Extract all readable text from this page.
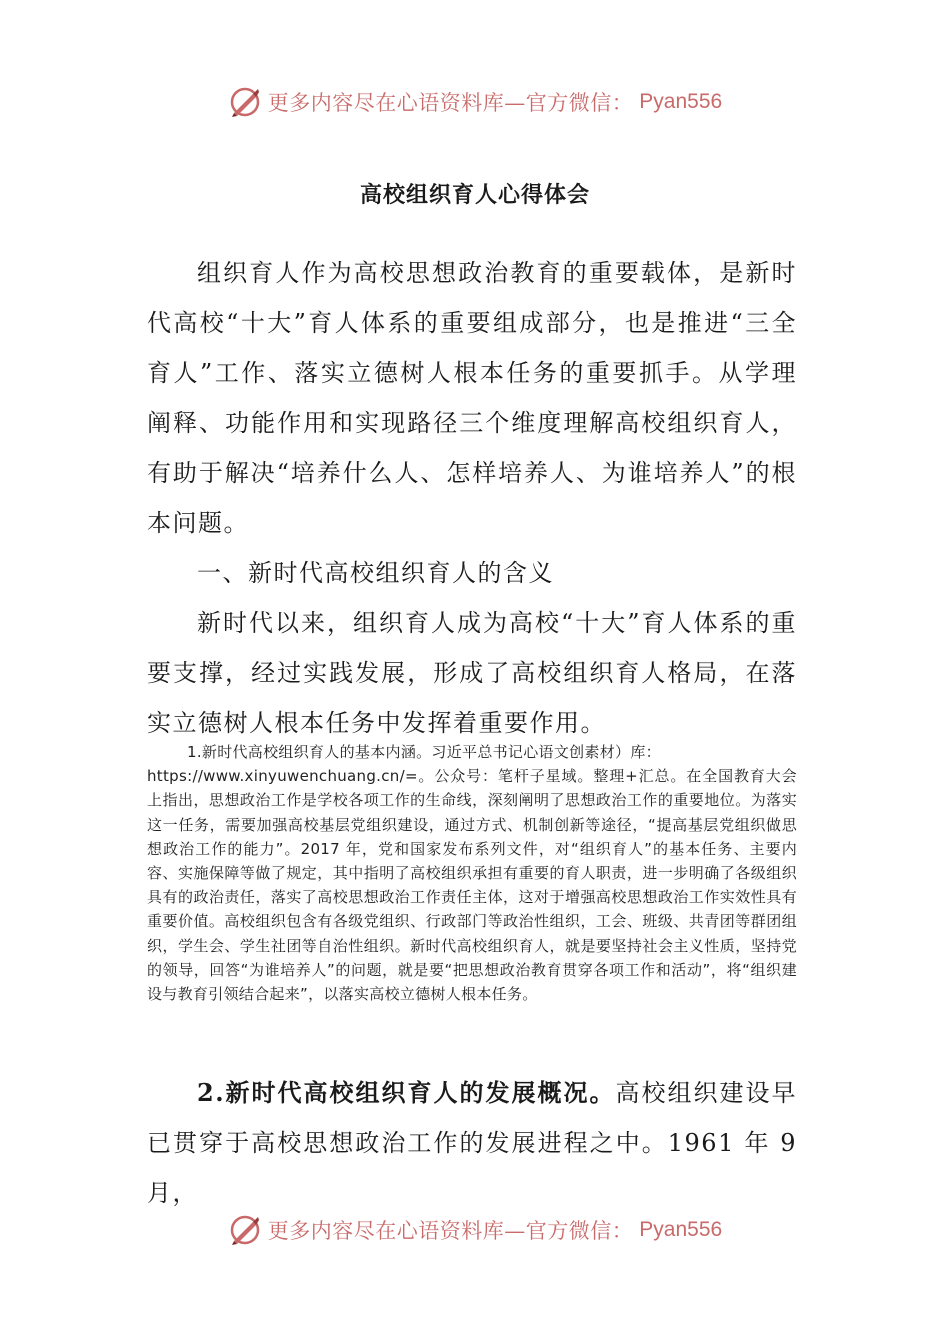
更多内容尽在心语资料库—官方微信： Pyan556
高校组织育人心得体会

组织育人作为高校思想政治教育的重要载体，是新时代高校“十大”育人体系的重要组成部分，也是推进“三全育人”工作、落实立德树人根本任务的重要抓手。从学理阐释、功能作用和实现路径三个维度理解高校组织育人，有助于解决“培养什么人、怎样培养人、为谁培养人”的根本问题。

一、新时代高校组织育人的含义

新时代以来，组织育人成为高校“十大”育人体系的重要支撑，经过实践发展，形成了高校组织育人格局，在落实立德树人根本任务中发挥着重要作用。

1.新时代高校组织育人的基本内涵。习近平总书记心语文创素材）库：
https://www.xinyuwenchuang.cn/=。公众号：笔杆子星域。整理+汇总。在全国教育大会上指出，思想政治工作是学校各项工作的生命线，深刻阐明了思想政治工作的重要地位。为落实这一任务，需要加强高校基层党组织建设，通过方式、机制创新等途径，“提高基层党组织做思想政治工作的能力”。2017 年，党和国家发布系列文件，对“组织育人”的基本任务、主要内容、实施保障等做了规定，其中指明了高校组织承担有重要的育人职责，进一步明确了各级组织具有的政治责任，落实了高校思想政治工作责任主体，这对于增强高校思想政治工作实效性具有重要价值。高校组织包含有各级党组织、行政部门等政治性组织，工会、班级、共青团等群团组织，学生会、学生社团等自治性组织。新时代高校组织育人，就是要坚持社会主义性质，坚持党的领导，回答“为谁培养人”的问题，就是要“把思想政治教育贯穿各项工作和活动”，将“组织建设与教育引领结合起来”，以落实高校立德树人根本任务。

2.新时代高校组织育人的发展概况。高校组织建设早已贯穿于高校思想政治工作的发展进程之中。1961 年 9 月，

更多内容尽在心语资料库—官方微信： Pyan556
